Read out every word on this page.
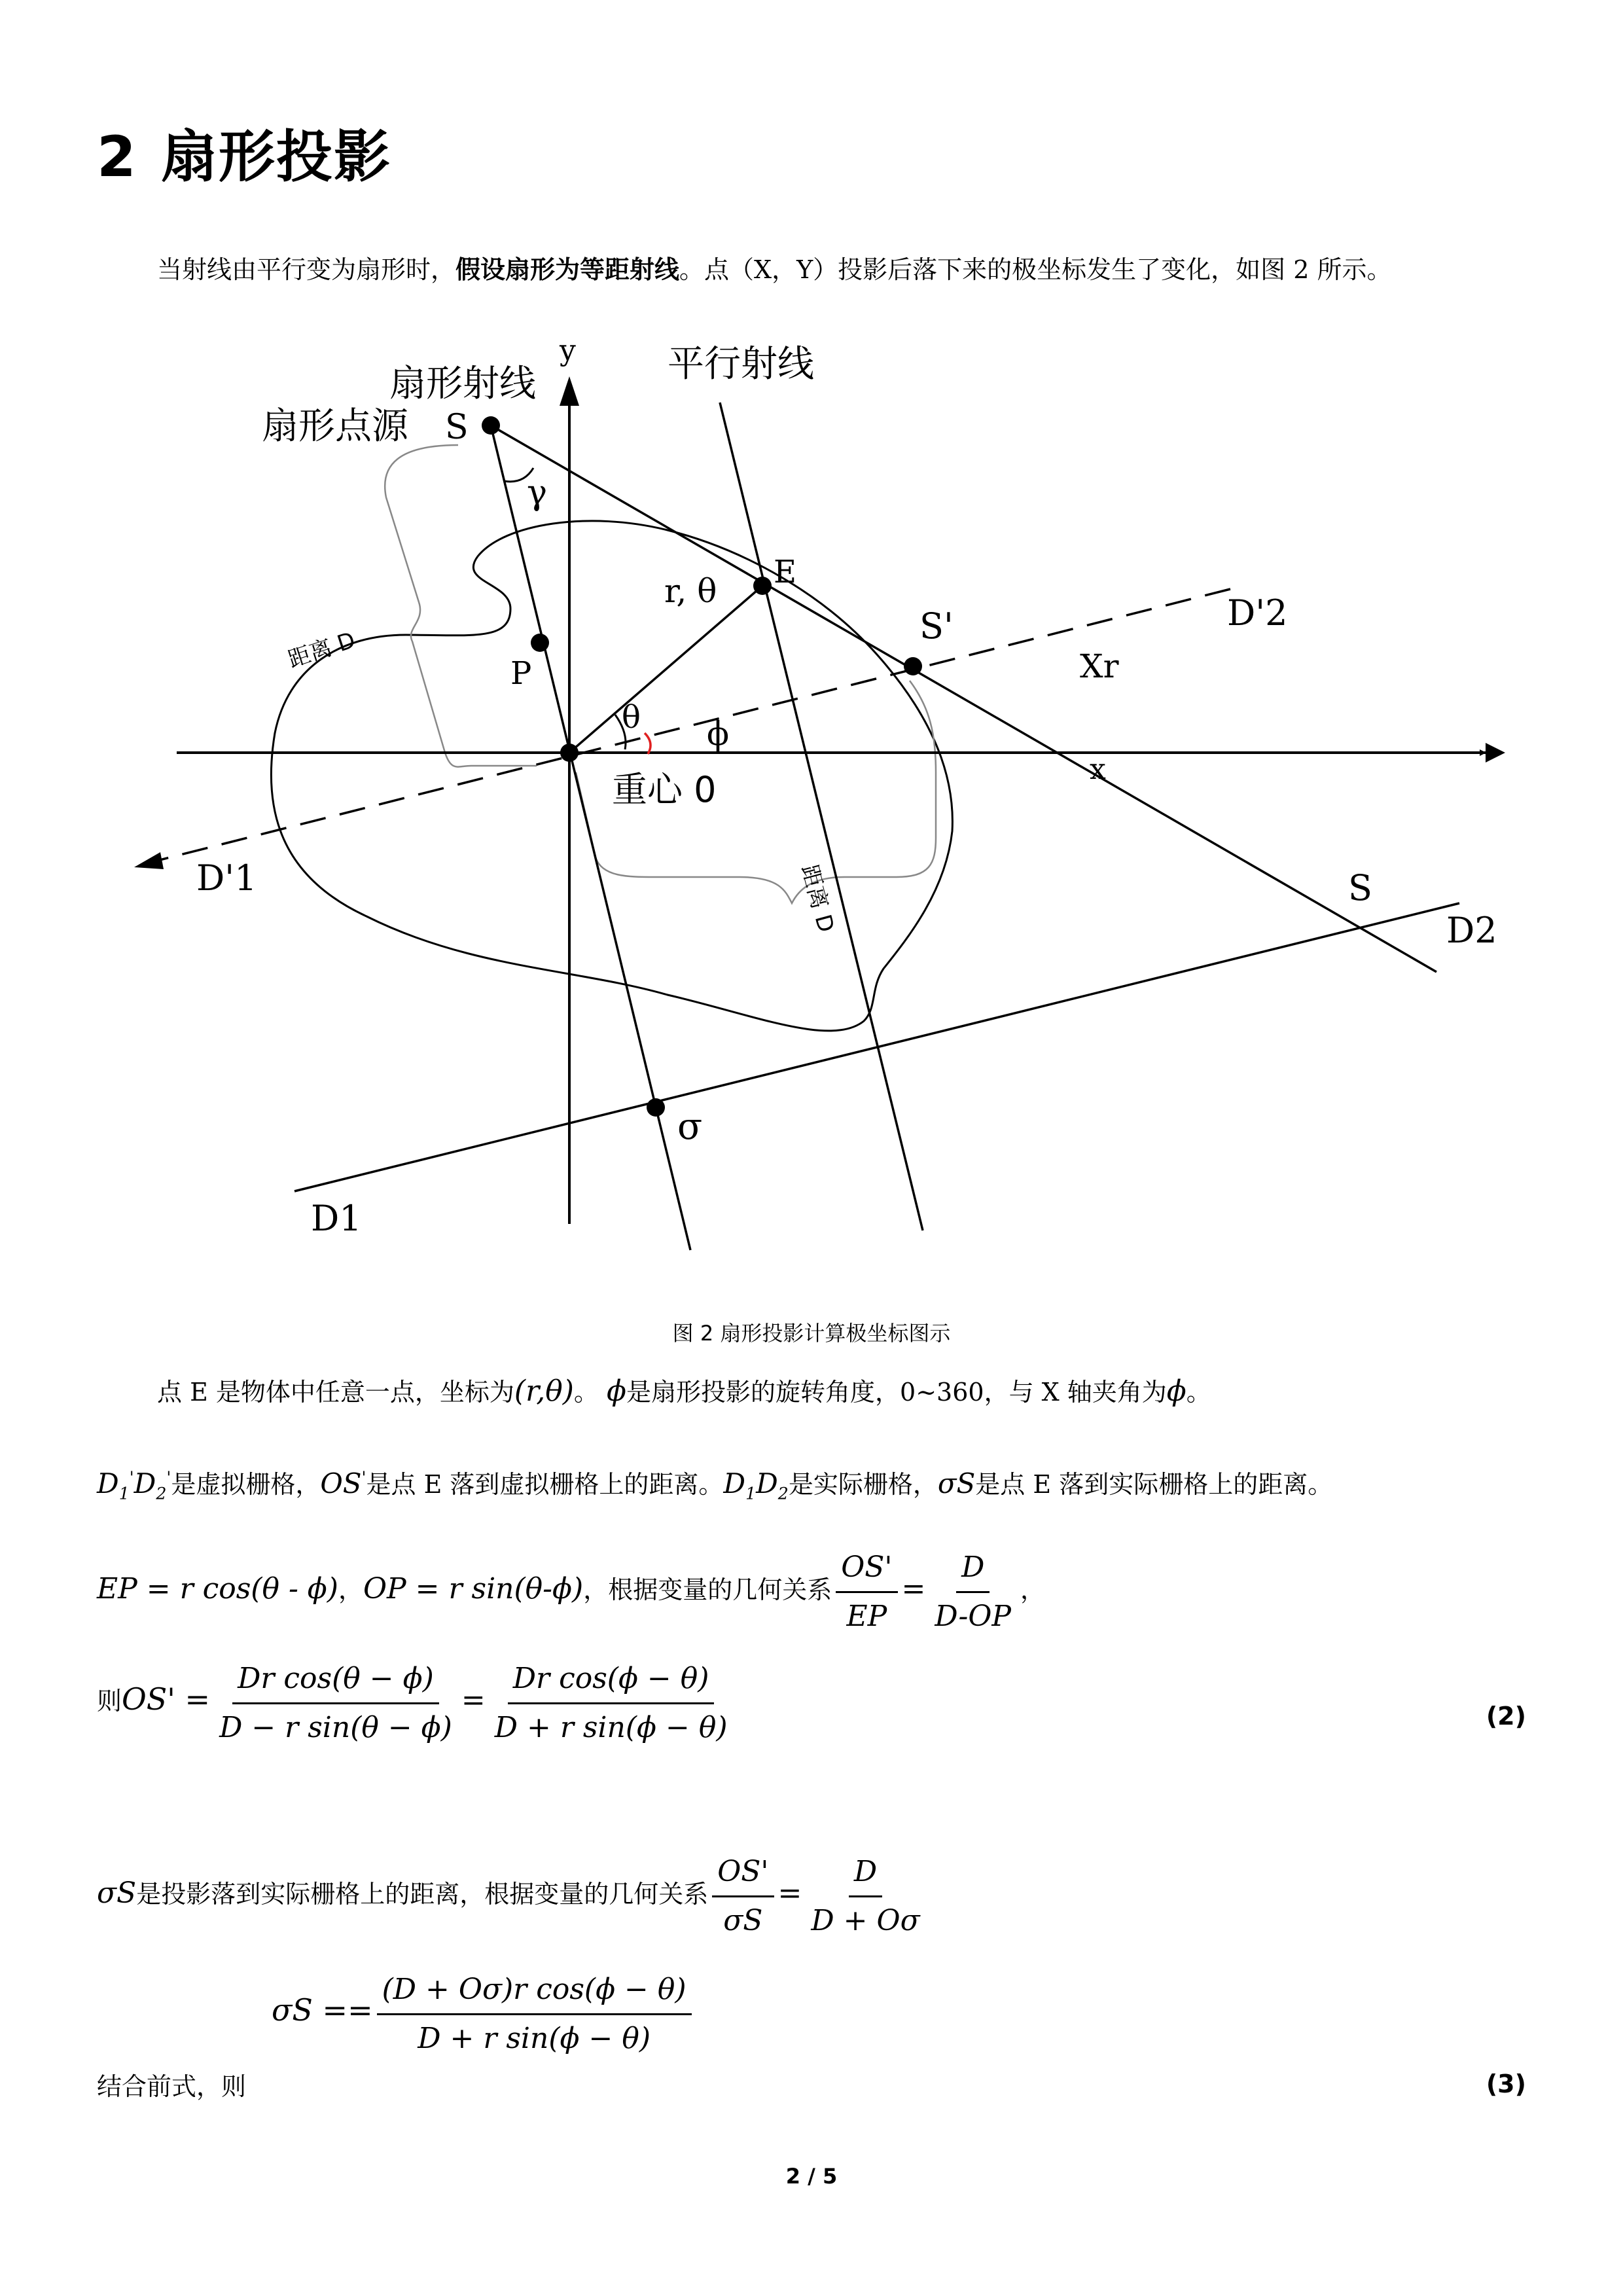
2 扇形投影
当射线由平行变为扇形时，假设扇形为等距射线。点（X，Y）投影后落下来的极坐标发生了变化，如图 2 所示。
y
扇形射线	平行射线
扇形点源 S
γ
E
r, θ
P
S'	D'2
Xr
θ ϕ
x
重心 0
距离 D
距离 D
D'1	S
D2
σ
D1
图 2 扇形投影计算极坐标图示
点 E 是物体中任意一点，坐标为(r,θ)。 ϕ是扇形投影的旋转角度，0~360，与 X 轴夹角为ϕ。
$D_1'D_2'$是虚拟栅格，OS'是点 E 落到虚拟栅格上的距离。$D_1D_2$是实际栅格，σS是点 E 落到实际栅格上的距离。
EP = r cos(θ - ϕ)，OP = r sin(θ-ϕ)，根据变量的几何关系 $\frac{OS'}{EP} = \frac{D}{D-OP}$ ，
则$OS' = \frac{\text{Dr cos(θ − ϕ)}}{\text{D − r sin(θ − ϕ)}} = \frac{\text{Dr cos(ϕ − θ)}}{\text{D + r sin(ϕ − θ)}}$	(2)
σS是投影落到实际栅格上的距离，根据变量的几何关系 $\frac{OS'}{\sigma S} = \frac{D}{D + O\sigma}$
$\sigma S == \frac{\text{(D + Oσ)r cos(ϕ − θ)}}{\text{D + r sin(ϕ − θ)}}$
结合前式，则	(3)
2 / 5
